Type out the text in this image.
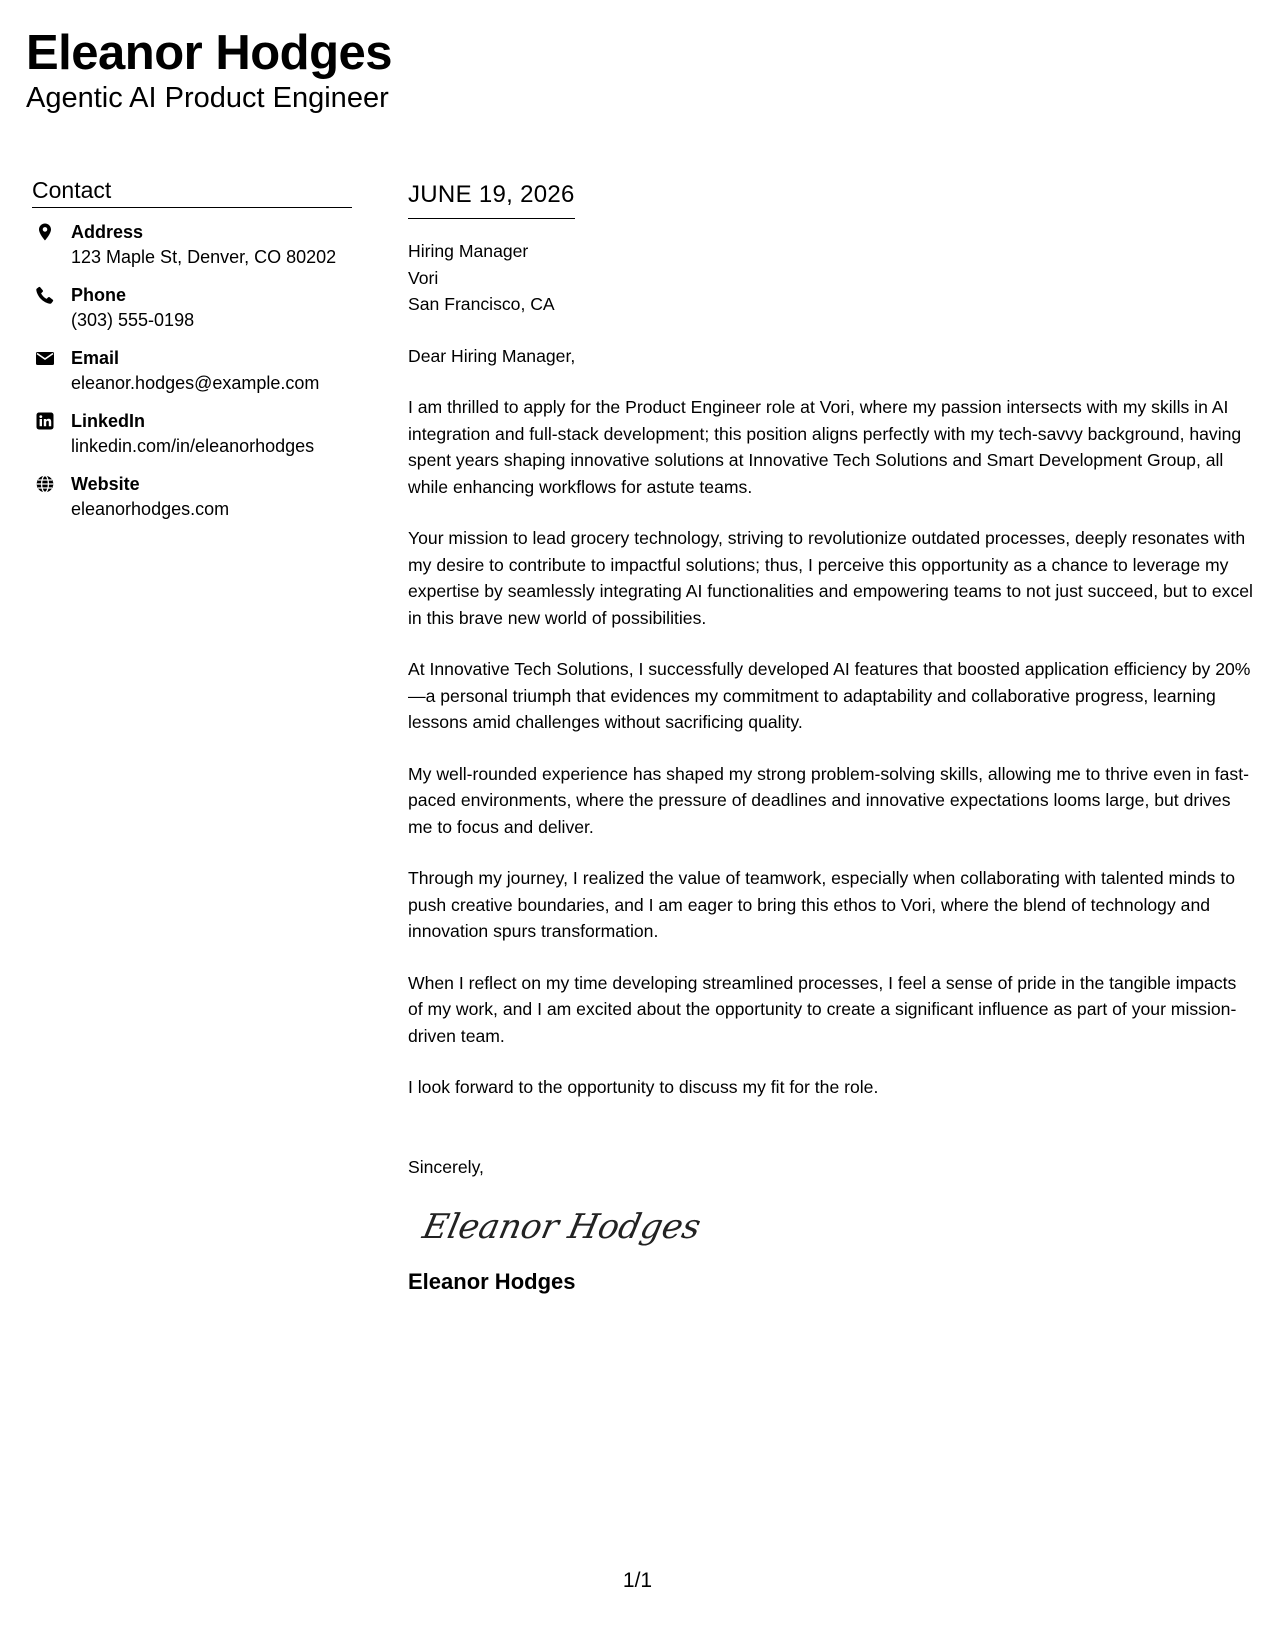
Eleanor Hodges
Agentic AI Product Engineer
Contact
Address
123 Maple St, Denver, CO 80202
Phone
(303) 555-0198
Email
eleanor.hodges@example.com
LinkedIn
linkedin.com/in/eleanorhodges
Website
eleanorhodges.com
JUNE 19, 2026
Hiring Manager
Vori
San Francisco, CA
Dear Hiring Manager,
I am thrilled to apply for the Product Engineer role at Vori, where my passion intersects with my skills in AI integration and full-stack development; this position aligns perfectly with my tech-savvy background, having spent years shaping innovative solutions at Innovative Tech Solutions and Smart Development Group, all while enhancing workflows for astute teams.
Your mission to lead grocery technology, striving to revolutionize outdated processes, deeply resonates with my desire to contribute to impactful solutions; thus, I perceive this opportunity as a chance to leverage my expertise by seamlessly integrating AI functionalities and empowering teams to not just succeed, but to excel in this brave new world of possibilities.
At Innovative Tech Solutions, I successfully developed AI features that boosted application efficiency by 20%—a personal triumph that evidences my commitment to adaptability and collaborative progress, learning lessons amid challenges without sacrificing quality.
My well-rounded experience has shaped my strong problem-solving skills, allowing me to thrive even in fast-paced environments, where the pressure of deadlines and innovative expectations looms large, but drives me to focus and deliver.
Through my journey, I realized the value of teamwork, especially when collaborating with talented minds to push creative boundaries, and I am eager to bring this ethos to Vori, where the blend of technology and innovation spurs transformation.
When I reflect on my time developing streamlined processes, I feel a sense of pride in the tangible impacts of my work, and I am excited about the opportunity to create a significant influence as part of your mission-driven team.
I look forward to the opportunity to discuss my fit for the role.
Sincerely,
Eleanor Hodges
Eleanor Hodges
1/1
